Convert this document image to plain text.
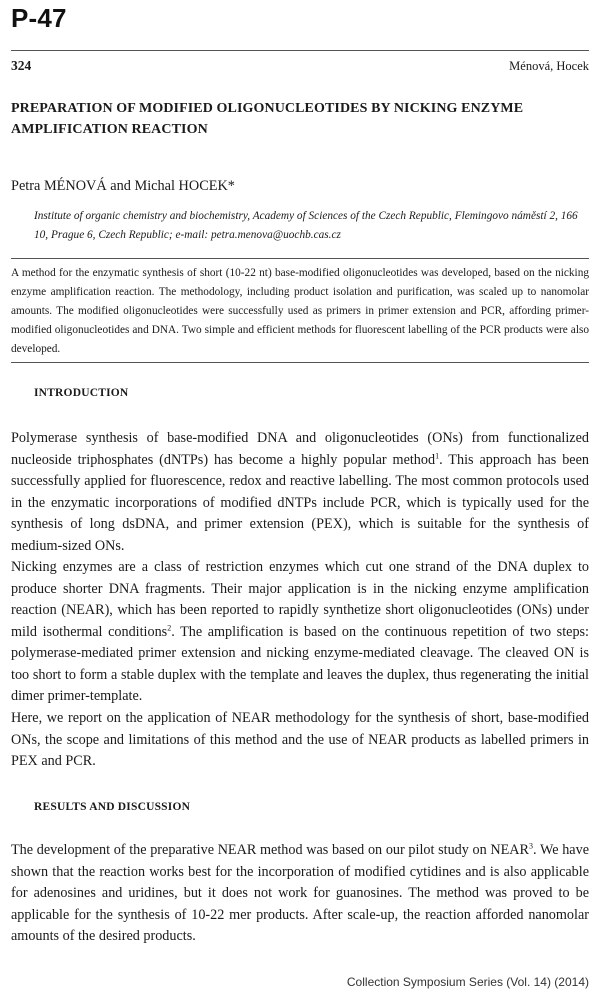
P-47
324	Ménová, Hocek
PREPARATION OF MODIFIED OLIGONUCLEOTIDES BY NICKING ENZYME AMPLIFICATION REACTION
Petra MÉNOVÁ and Michal HOCEK*
Institute of organic chemistry and biochemistry, Academy of Sciences of the Czech Republic, Flemingovo náměstí 2, 166 10, Prague 6, Czech Republic; e-mail: petra.menova@uochb.cas.cz

A method for the enzymatic synthesis of short (10-22 nt) base-modified oligonucleotides was developed, based on the nicking enzyme amplification reaction. The methodology, including product isolation and purification, was scaled up to nanomolar amounts. The modified oligonucleotides were successfully used as primers in primer extension and PCR, affording primer-modified oligonucleotides and DNA. Two simple and efficient methods for fluorescent labelling of the PCR products were also developed.

INTRODUCTION

Polymerase synthesis of base-modified DNA and oligonucleotides (ONs) from functionalized nucleoside triphosphates (dNTPs) has become a highly popular method$^1$. This approach has been successfully applied for fluorescence, redox and reactive labelling. The most common protocols used in the enzymatic incorporations of modified dNTPs include PCR, which is typically used for the synthesis of long dsDNA, and primer extension (PEX), which is suitable for the synthesis of medium-sized ONs.

Nicking enzymes are a class of restriction enzymes which cut one strand of the DNA duplex to produce shorter DNA fragments. Their major application is in the nicking enzyme amplification reaction (NEAR), which has been reported to rapidly synthetize short oligonucleotides (ONs) under mild isothermal conditions$^2$. The amplification is based on the continuous repetition of two steps: polymerase-mediated primer extension and nicking enzyme-mediated cleavage. The cleaved ON is too short to form a stable duplex with the template and leaves the duplex, thus regenerating the initial dimer primer-template.

Here, we report on the application of NEAR methodology for the synthesis of short, base-modified ONs, the scope and limitations of this method and the use of NEAR products as labelled primers in PEX and PCR.

RESULTS AND DISCUSSION

The development of the preparative NEAR method was based on our pilot study on NEAR$^3$. We have shown that the reaction works best for the incorporation of modified cytidines and is also applicable for adenosines and uridines, but it does not work for guanosines. The method was proved to be applicable for the synthesis of 10-22 mer products. After scale-up, the reaction afforded nanomolar amounts of the desired products.

Collection Symposium Series (Vol. 14) (2014)
